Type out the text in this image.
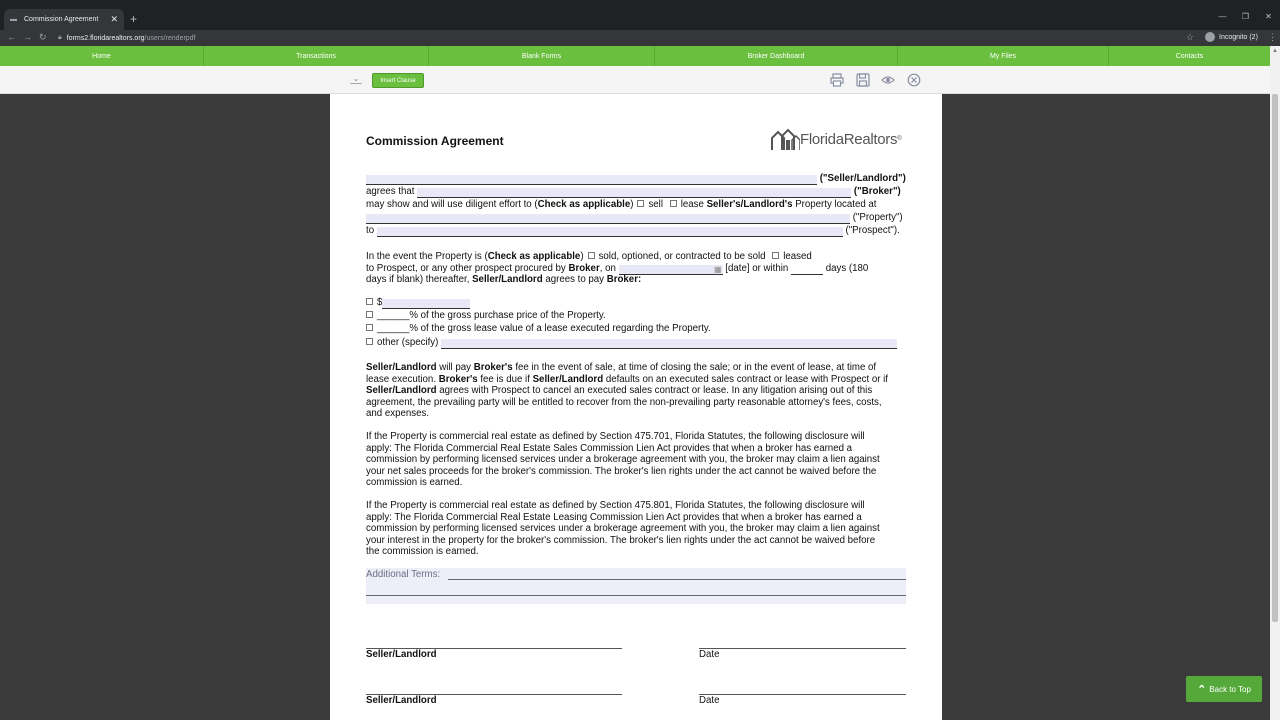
▬ Commission Agreement	✕ +	—	❐	✕
← → ↻ 🔒︎ forms2.floridarealtors.org /users/renderpdf	☆	Incognito (2) ⋮
Home	Transactions	Blank Forms	Broker Dashboard	My Files	Contacts
⌄	Insert Clause
Commission Agreement	Florida Realtors ®
("Seller/Landlord")
agrees that	("Broker")
may show and will use diligent effort to (Check as applicable) sell lease Seller's/Landlord's Property located at
("Property")
to	("Prospect").
In the event the Property is (Check as applicable) sold, optioned, or contracted to be sold leased
to Prospect, or any other prospect procured by Broker, on	▦ [date] or within	days (180
days if blank) thereafter, Seller/Landlord agrees to pay Broker:
$
______% of the gross purchase price of the Property.
______% of the gross lease value of a lease executed regarding the Property.
other (specify)
Seller/Landlord will pay Broker's fee in the event of sale, at time of closing the sale; or in the event of lease, at time of
lease execution. Broker's fee is due if Seller/Landlord defaults on an executed sales contract or lease with Prospect or if
Seller/Landlord agrees with Prospect to cancel an executed sales contract or lease. In any litigation arising out of this
agreement, the prevailing party will be entitled to recover from the non-prevailing party reasonable attorney's fees, costs,
and expenses.
If the Property is commercial real estate as defined by Section 475.701, Florida Statutes, the following disclosure will
apply: The Florida Commercial Real Estate Sales Commission Lien Act provides that when a broker has earned a
commission by performing licensed services under a brokerage agreement with you, the broker may claim a lien against
your net sales proceeds for the broker's commission. The broker's lien rights under the act cannot be waived before the
commission is earned.
If the Property is commercial real estate as defined by Section 475.801, Florida Statutes, the following disclosure will
apply: The Florida Commercial Real Estate Leasing Commission Lien Act provides that when a broker has earned a
commission by performing licensed services under a brokerage agreement with you, the broker may claim a lien against
your interest in the property for the broker's commission. The broker's lien rights under the act cannot be waived before
the commission is earned.
Additional Terms:
Seller/Landlord	Date
Seller/Landlord	Date
▲
⌃ Back to Top
